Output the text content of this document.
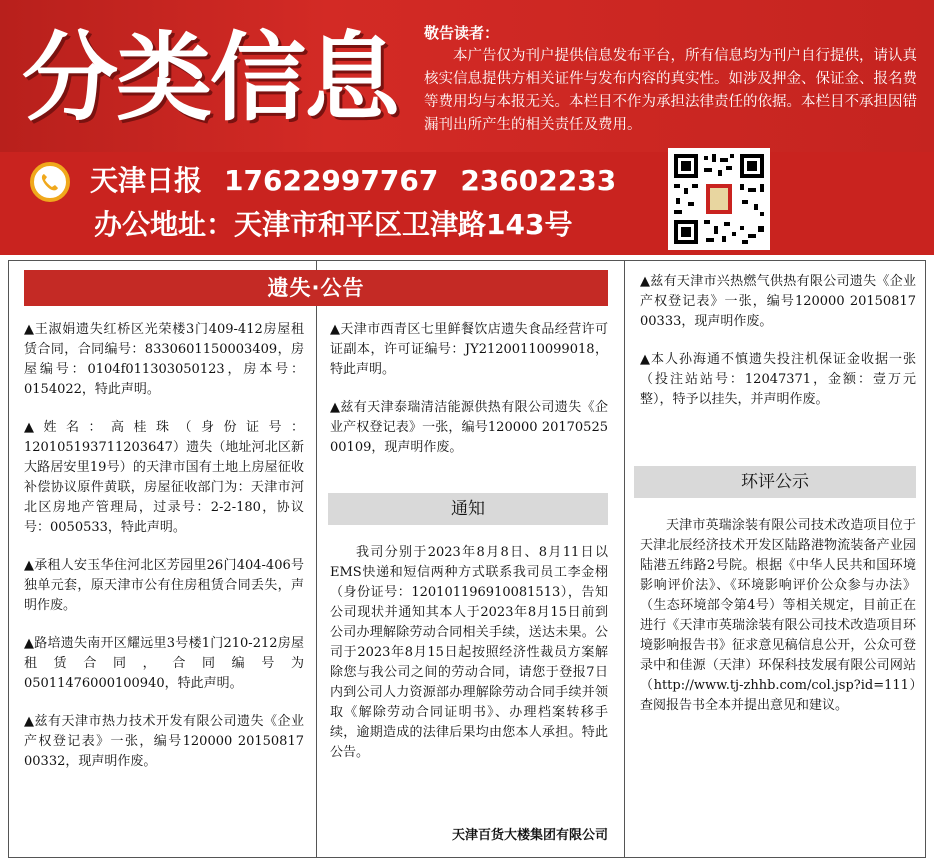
分类信息	敬告读者：

本广告仅为刊户提供信息发布平台，所有信息均为刊户自行提供，请认真核实信息提供方相关证件与发布内容的真实性。如涉及押金、保证金、报名费等费用均与本报无关。本栏目不作为承担法律责任的依据。本栏目不承担因错漏刊出所产生的相关责任及费用。

天津日报 17622997767 23602233
办公地址：天津市和平区卫津路143号
遗失·公告

▲王淑娟遗失红桥区光荣楼3门409-412房屋租赁合同，合同编号：8330601150003409，房屋编号：0104f011303050123，房本号：0154022，特此声明。

▲姓名：高桂珠（身份证号：120105193711203647）遗失（地址河北区新大路居安里19号）的天津市国有土地上房屋征收补偿协议原件黄联，房屋征收部门为：天津市河北区房地产管理局，过录号：2-2-180，协议号：0050533，特此声明。

▲承租人安玉华住河北区芳园里26门404-406号独单元套，原天津市公有住房租赁合同丢失，声明作废。

▲路培遗失南开区耀远里3号楼1门210-212房屋租赁合同，合同编号为05011476000100940，特此声明。

▲兹有天津市热力技术开发有限公司遗失《企业产权登记表》一张，编号120000 20150817 00332，现声明作废。

▲天津市西青区七里鲜餐饮店遗失食品经营许可证副本，许可证编号：JY21200110099018，特此声明。

▲兹有天津泰瑞清洁能源供热有限公司遗失《企业产权登记表》一张，编号120000 20170525 00109，现声明作废。

通知

我司分别于2023年8月8日、8月11日以EMS快递和短信两种方式联系我司员工李金栩（身份证号：120101196910081513），告知公司现状并通知其本人于2023年8月15日前到公司办理解除劳动合同相关手续，送达未果。公司于2023年8月15日起按照经济性裁员方案解除您与我公司之间的劳动合同，请您于登报7日内到公司人力资源部办理解除劳动合同手续并领取《解除劳动合同证明书》、办理档案转移手续，逾期造成的法律后果均由您本人承担。特此公告。

天津百货大楼集团有限公司

▲兹有天津市兴热燃气供热有限公司遗失《企业产权登记表》一张，编号120000 20150817 00333，现声明作废。

▲本人孙海通不慎遗失投注机保证金收据一张（投注站站号：12047371，金额：壹万元整），特予以挂失，并声明作废。

环评公示

天津市英瑞涂装有限公司技术改造项目位于天津北辰经济技术开发区陆路港物流装备产业园陆港五纬路2号院。根据《中华人民共和国环境影响评价法》、《环境影响评价公众参与办法》（生态环境部令第4号）等相关规定，目前正在进行《天津市英瑞涂装有限公司技术改造项目环境影响报告书》征求意见稿信息公开，公众可登录中和佳源（天津）环保科技发展有限公司网站（http://www.tj-zhhb.com/col.jsp?id=111）查阅报告书全本并提出意见和建议。
